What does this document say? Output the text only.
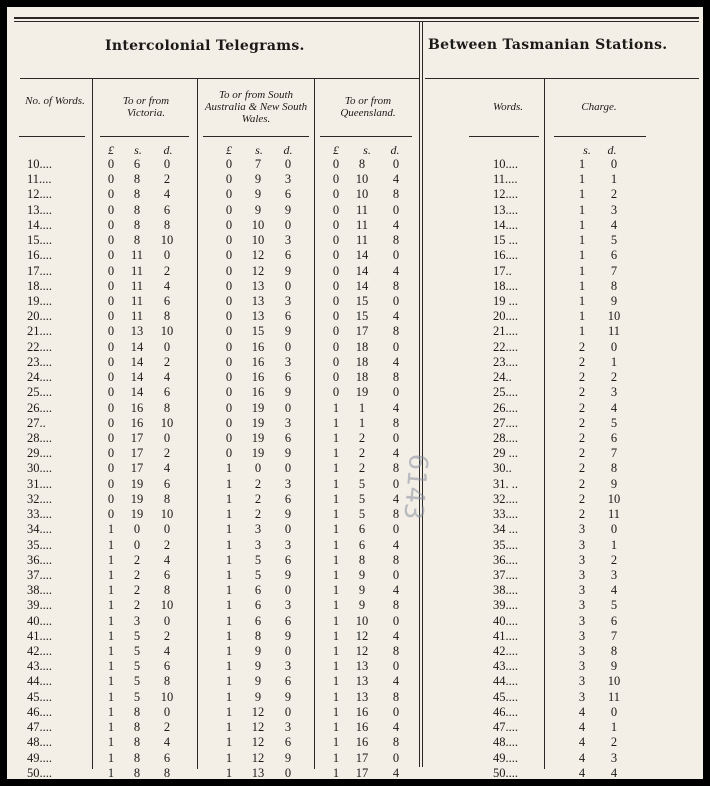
Intercolonial Telegrams.	Between Tasmanian Stations.
No. of Words.	To or from Victoria.
To or from South Australia & New South Wales.
To or from Queensland.	Words.	Charge.
£	s. d.	£	s. d.	£	s. d.	s. d.
10....	0	6	0	0	7	0	0	8	0	10....	1	0
11....	0	8	2	0	9	3	0	10	4	11....	1	1
12....	0	8	4	0	9	6	0	10	8	12....	1	2
13....	0	8	6	0	9	9	0	11	0	13....	1	3
14....	0	8	8	0	10	0	0	11	4	14....	1	4
15....	0	8	10	0	10	3	0	11	8	15 ...	1	5
16....	0	11	0	0	12	6	0	14	0	16....	1	6
17....	0	11	2	0	12	9	0	14	4	17..	1	7
18....	0	11	4	0	13	0	0	14	8	18....	1	8
19....	0	11	6	0	13	3	0	15	0	19 ...	1	9
20....	0	11	8	0	13	6	0	15	4	20....	1	10
21....	0	13	10	0	15	9	0	17	8	21....	1	11
22....	0	14	0	0	16	0	0	18	0	22....	2	0
23....	0	14	2	0	16	3	0	18	4	23....	2	1
24....	0	14	4	0	16	6	0	18	8	24..	2	2
25....	0	14	6	0	16	9	0	19	0	25....	2	3
26....	0	16	8	0	19	0	1	1	4	26....	2	4
27..	0	16	10	0	19	3	1	1	8	27....	2	5
28....	0	17	0	0	19	6	1	2	0	28....	2	6
29....	0	17	2	0	19	9	1	2	4	29 ...	2	7
30....	0	17	4	1	0	0	1	2	8	30..	2	8
31....	0	19	6	1	2	3	1	5	0	31. ..	2	9
32....	0	19	8	1	2	6	1	5	4	32....	2	10
33....	0	19	10	1	2	9	1	5	8	33....	2	11
34....	1	0	0	1	3	0	1	6	0	34 ...	3	0
35....	1	0	2	1	3	3	1	6	4	35....	3	1
36....	1	2	4	1	5	6	1	8	8	36....	3	2
37....	1	2	6	1	5	9	1	9	0	37....	3	3
38....	1	2	8	1	6	0	1	9	4	38....	3	4
39....	1	2	10	1	6	3	1	9	8	39....	3	5
40....	1	3	0	1	6	6	1	10	0	40....	3	6
41....	1	5	2	1	8	9	1	12	4	41....	3	7
42....	1	5	4	1	9	0	1	12	8	42....	3	8
43....	1	5	6	1	9	3	1	13	0	43....	3	9
44....	1	5	8	1	9	6	1	13	4	44....	3	10
45....	1	5	10	1	9	9	1	13	8	45....	3	11
46....	1	8	0	1	12	0	1	16	0	46....	4	0
47....	1	8	2	1	12	3	1	16	4	47....	4	1
48....	1	8	4	1	12	6	1	16	8	48....	4	2
49....	1	8	6	1	12	9	1	17	0	49....	4	3
50....	1	8	8	1	13	0	1	17	4	50....	4	4
6143
